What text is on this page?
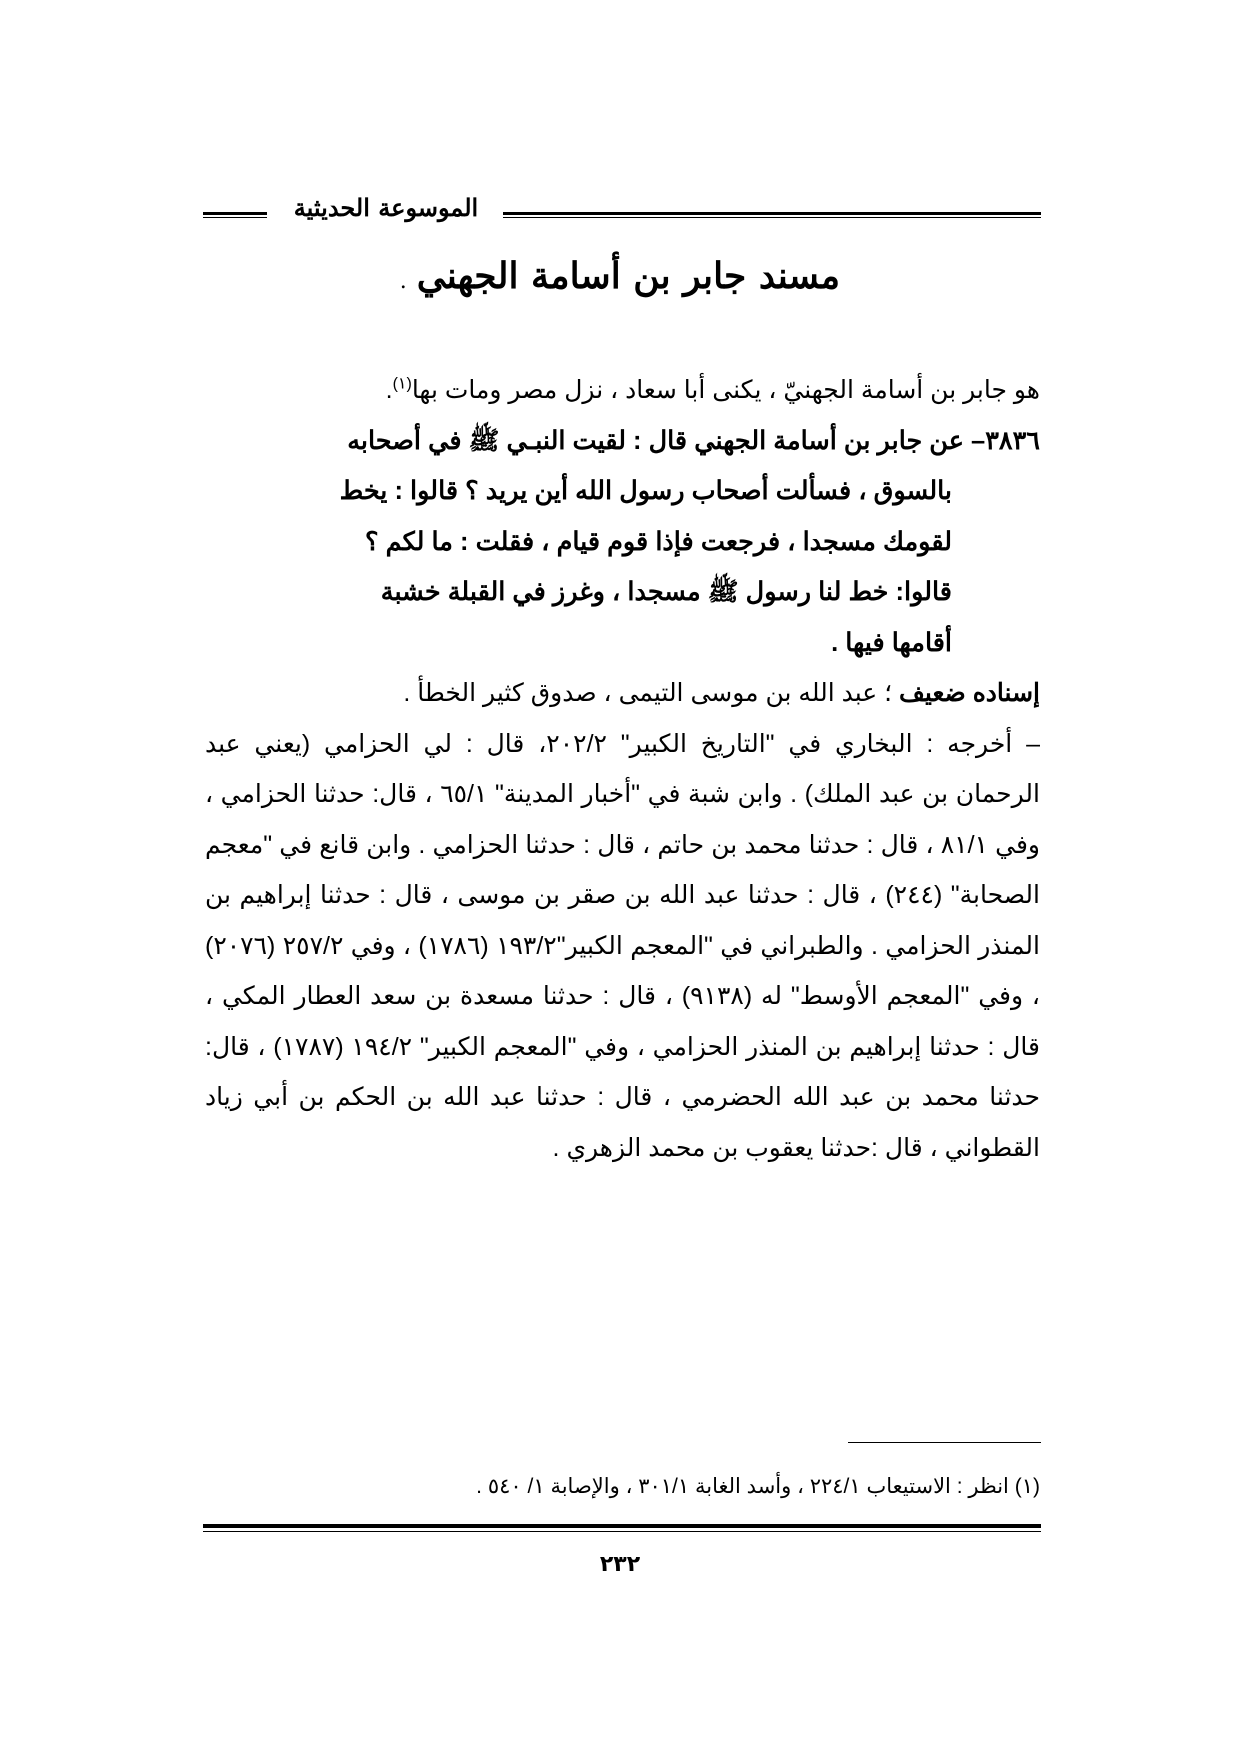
الموسوعة الحديثية
مسند جابر بن أسامة الجهني.

هو جابر بن أسامة الجهنيّ ، يكنى أبا سعاد ، نزل مصر ومات بها$^{(١)}$.

٣٨٣٦– عن جابر بن أسامة الجهني قال : لقيت النبـي ﷺ في أصحابه

بالسوق ، فسألت أصحاب رسول الله أين يريد ؟ قالوا : يخط

لقومك مسجدا ، فرجعت فإذا قوم قيام ، فقلت : ما لكم ؟

قالوا: خط لنا رسول ﷺ مسجدا ، وغرز في القبلة خشبة

أقامها فيها .

إسناده ضعيف ؛ عبد الله بن موسى التيمى ، صدوق كثير الخطأ .

– أخرجه : البخاري في "التاريخ الكبير" ٢٠٢/٢، قال : لي الحزامي (يعني عبد الرحمان بن عبد الملك) . وابن شبة في "أخبار المدينة" ٦٥/١ ، قال: حدثنا الحزامي ، وفي ٨١/١ ، قال : حدثنا محمد بن حاتم ، قال : حدثنا الحزامي . وابن قانع في "معجم الصحابة" (٢٤٤) ، قال : حدثنا عبد الله بن صقر بن موسى ، قال : حدثنا إبراهيم بن المنذر الحزامي . والطبراني في "المعجم الكبير"١٩٣/٢ (١٧٨٦) ، وفي ٢٥٧/٢ (٢٠٧٦) ، وفي "المعجم الأوسط" له (٩١٣٨) ، قال : حدثنا مسعدة بن سعد العطار المكي ، قال : حدثنا إبراهيم بن المنذر الحزامي ، وفي "المعجم الكبير" ١٩٤/٢ (١٧٨٧) ، قال: حدثنا محمد بن عبد الله الحضرمي ، قال : حدثنا عبد الله بن الحكم بن أبي زياد القطواني ، قال :حدثنا يعقوب بن محمد الزهري .

(١) انظر : الاستيعاب ٢٢٤/١ ، وأسد الغابة ٣٠١/١ ، والإصابة ١/ ٥٤٠ .
٢٣٢
